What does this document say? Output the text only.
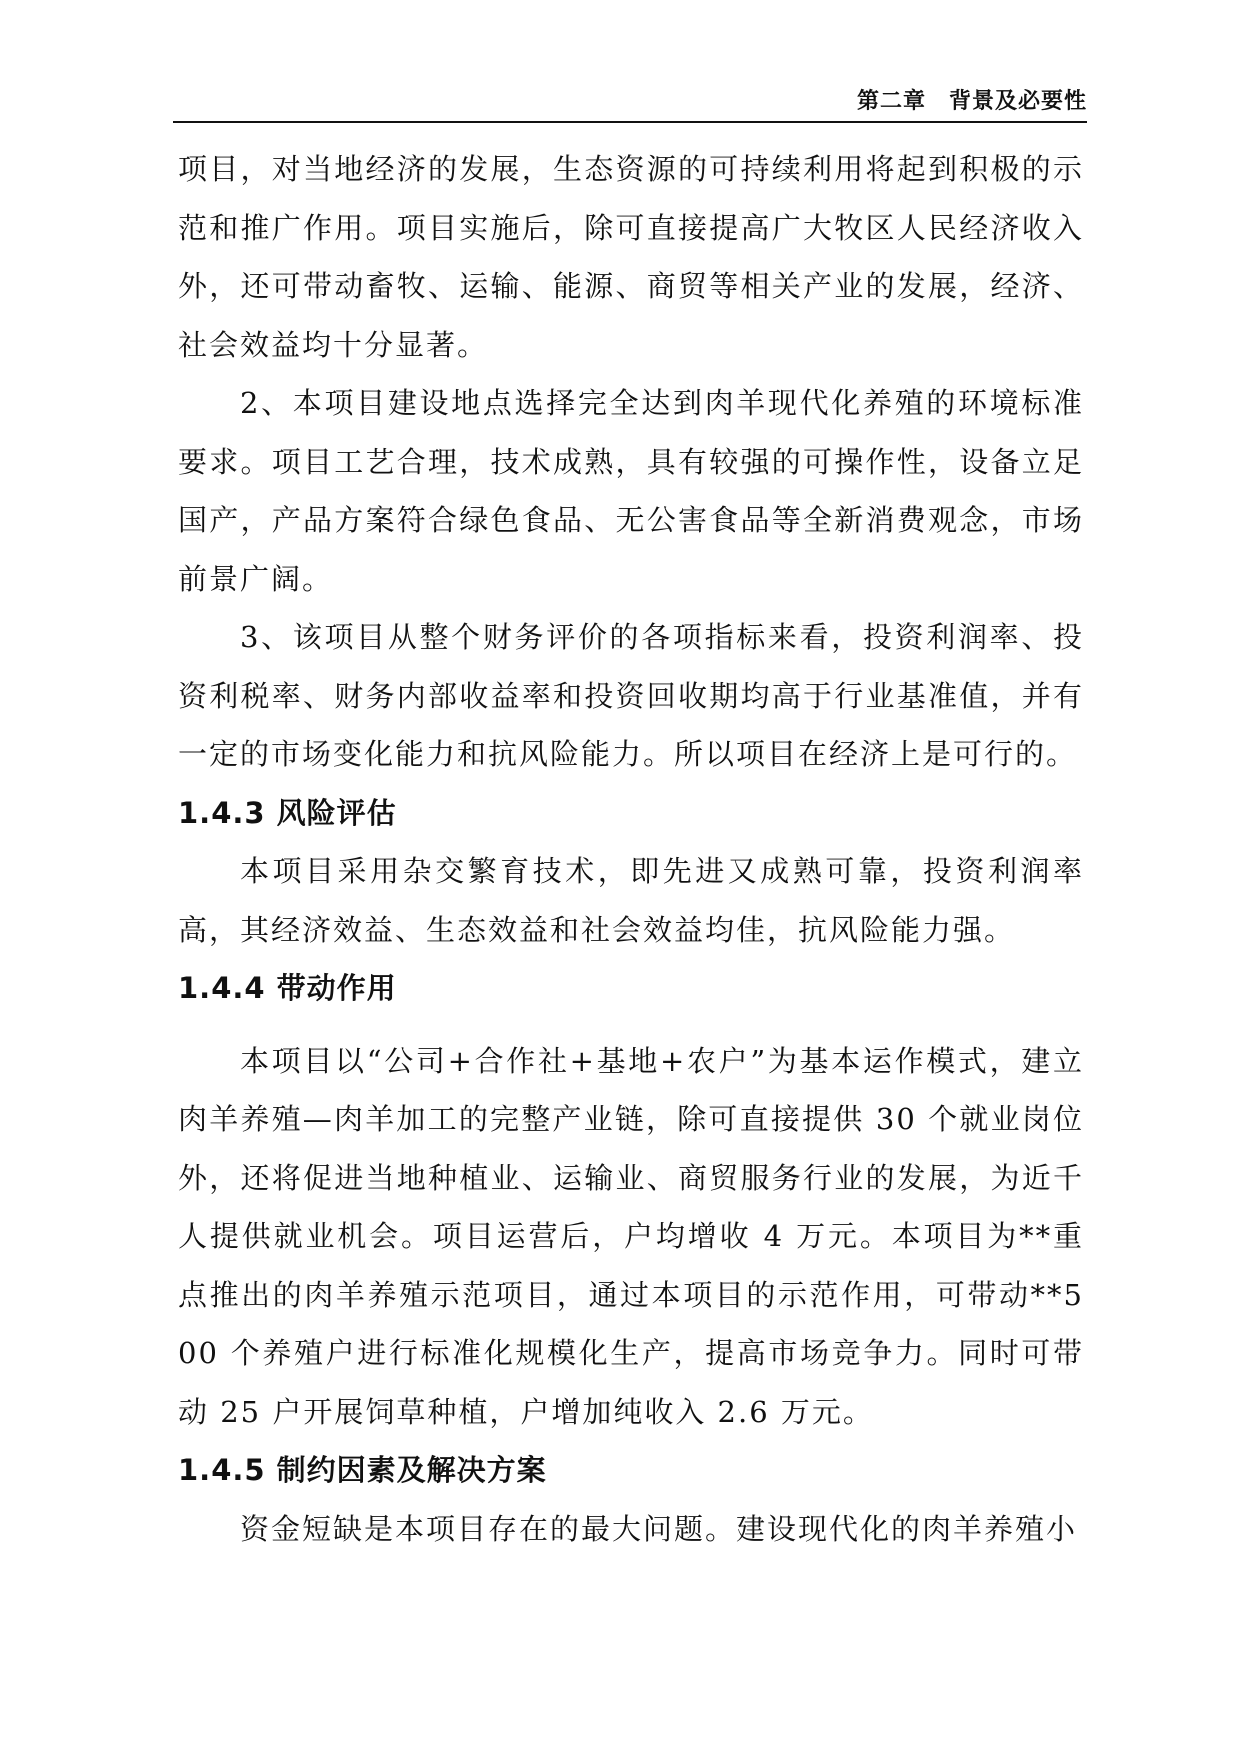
第二章　背景及必要性

项目，对当地经济的发展，生态资源的可持续利用将起到积极的示范和推广作用。项目实施后，除可直接提高广大牧区人民经济收入外，还可带动畜牧、运输、能源、商贸等相关产业的发展，经济、社会效益均十分显著。

2、本项目建设地点选择完全达到肉羊现代化养殖的环境标准要求。项目工艺合理，技术成熟，具有较强的可操作性，设备立足国产，产品方案符合绿色食品、无公害食品等全新消费观念，市场前景广阔。

3、该项目从整个财务评价的各项指标来看，投资利润率、投资利税率、财务内部收益率和投资回收期均高于行业基准值，并有一定的市场变化能力和抗风险能力。所以项目在经济上是可行的。

1.4.3 风险评估

本项目采用杂交繁育技术，即先进又成熟可靠，投资利润率高，其经济效益、生态效益和社会效益均佳，抗风险能力强。

1.4.4 带动作用

本项目以“公司+合作社+基地+农户”为基本运作模式，建立肉羊养殖—肉羊加工的完整产业链，除可直接提供 30 个就业岗位外，还将促进当地种植业、运输业、商贸服务行业的发展，为近千人提供就业机会。项目运营后，户均增收 4 万元。本项目为**重点推出的肉羊养殖示范项目，通过本项目的示范作用，可带动**500 个养殖户进行标准化规模化生产，提高市场竞争力。同时可带动 25 户开展饲草种植，户增加纯收入 2.6 万元。

1.4.5 制约因素及解决方案

资金短缺是本项目存在的最大问题。建设现代化的肉羊养殖小
